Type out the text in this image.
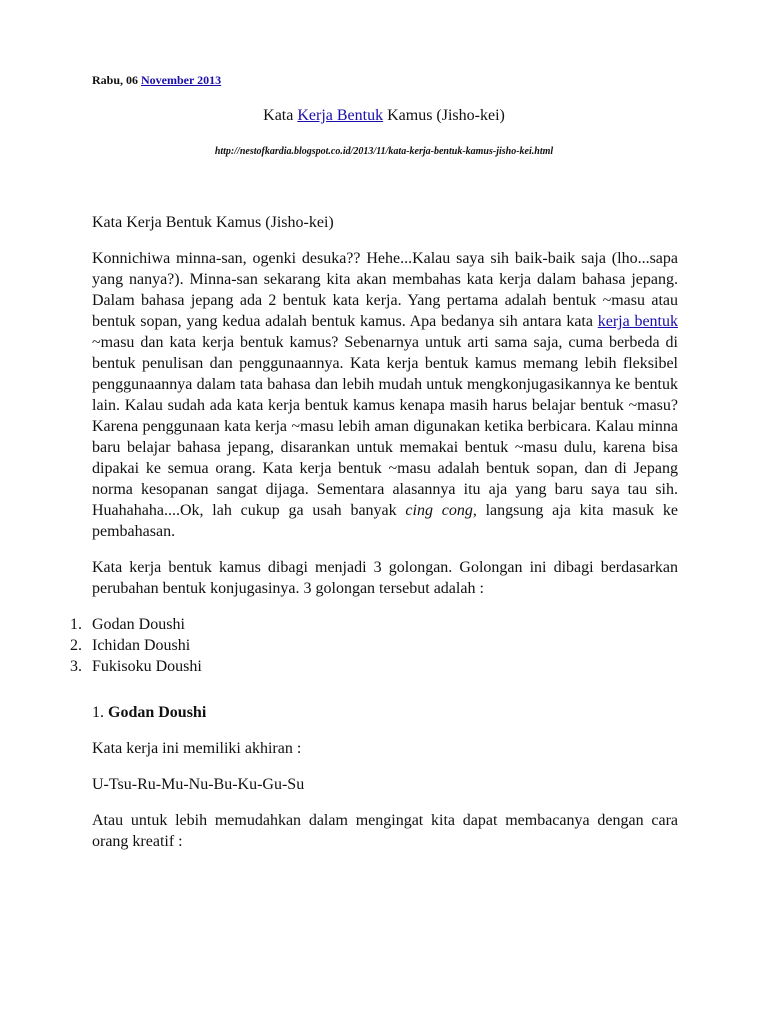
Rabu, 06 November 2013
Kata Kerja Bentuk Kamus (Jisho-kei)
http://nestofkardia.blogspot.co.id/2013/11/kata-kerja-bentuk-kamus-jisho-kei.html

Kata Kerja Bentuk Kamus (Jisho-kei)

Konnichiwa minna-san, ogenki desuka?? Hehe...Kalau saya sih baik-baik saja (lho...sapa yang nanya?). Minna-san sekarang kita akan membahas kata kerja dalam bahasa jepang. Dalam bahasa jepang ada 2 bentuk kata kerja. Yang pertama adalah bentuk ~masu atau bentuk sopan, yang kedua adalah bentuk kamus. Apa bedanya sih antara kata kerja bentuk ~masu dan kata kerja bentuk kamus? Sebenarnya untuk arti sama saja, cuma berbeda di bentuk penulisan dan penggunaannya. Kata kerja bentuk kamus memang lebih fleksibel penggunaannya dalam tata bahasa dan lebih mudah untuk mengkonjugasikannya ke bentuk lain. Kalau sudah ada kata kerja bentuk kamus kenapa masih harus belajar bentuk ~masu? Karena penggunaan kata kerja ~masu lebih aman digunakan ketika berbicara. Kalau minna baru belajar bahasa jepang, disarankan untuk memakai bentuk ~masu dulu, karena bisa dipakai ke semua orang. Kata kerja bentuk ~masu adalah bentuk sopan, dan di Jepang norma kesopanan sangat dijaga. Sementara alasannya itu aja yang baru saya tau sih. Huahahaha....Ok, lah cukup ga usah banyak cing cong, langsung aja kita masuk ke pembahasan.

Kata kerja bentuk kamus dibagi menjadi 3 golongan. Golongan ini dibagi berdasarkan perubahan bentuk konjugasinya. 3 golongan tersebut adalah :

1. Godan Doushi
2. Ichidan Doushi
3. Fukisoku Doushi

1. Godan Doushi

Kata kerja ini memiliki akhiran :

U-Tsu-Ru-Mu-Nu-Bu-Ku-Gu-Su

Atau untuk lebih memudahkan dalam mengingat kita dapat membacanya dengan cara orang kreatif :
